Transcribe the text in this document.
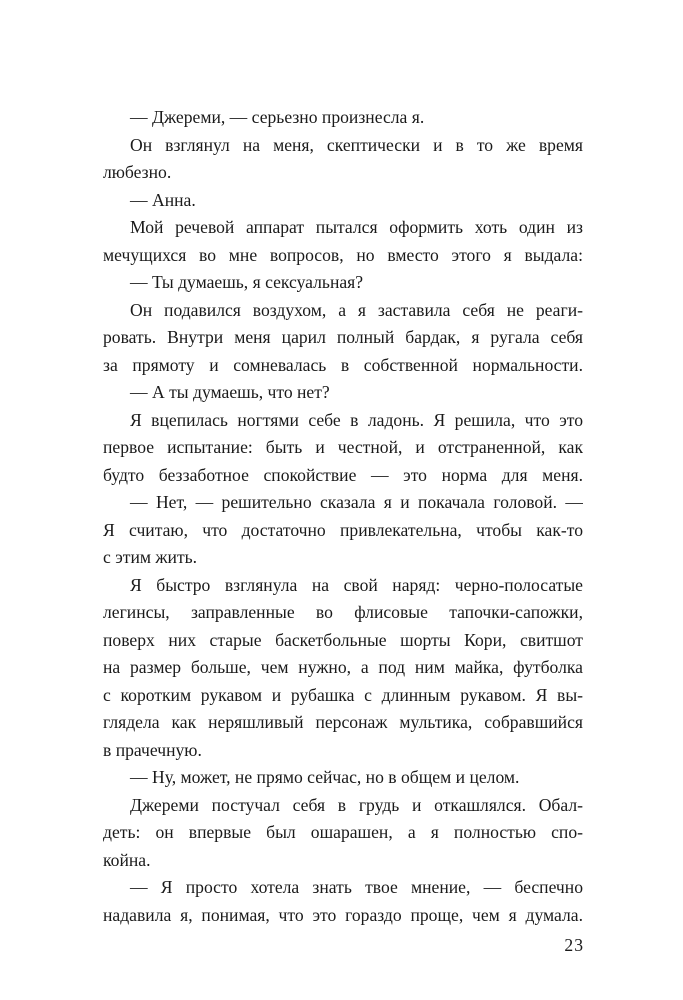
— Джереми, — серьезно произнесла я.
Он взглянул на меня, скептически и в то же время
любезно.
— Анна.
Мой речевой аппарат пытался оформить хоть один из
мечущихся во мне вопросов, но вместо этого я выдала:
— Ты думаешь, я сексуальная?
Он подавился воздухом, а я заставила себя не реаги-
ровать. Внутри меня царил полный бардак, я ругала себя
за прямоту и сомневалась в собственной нормальности.
— А ты думаешь, что нет?
Я вцепилась ногтями себе в ладонь. Я решила, что это
первое испытание: быть и честной, и отстраненной, как
будто беззаботное спокойствие — это норма для меня.
— Нет, — решительно сказала я и покачала головой. —
Я считаю, что достаточно привлекательна, чтобы как-то
с этим жить.
Я быстро взглянула на свой наряд: черно-полосатые
легинсы, заправленные во флисовые тапочки-сапожки,
поверх них старые баскетбольные шорты Кори, свитшот
на размер больше, чем нужно, а под ним майка, футболка
с коротким рукавом и рубашка с длинным рукавом. Я вы-
глядела как неряшливый персонаж мультика, собравшийся
в прачечную.
— Ну, может, не прямо сейчас, но в общем и целом.
Джереми постучал себя в грудь и откашлялся. Обал-
деть: он впервые был ошарашен, а я полностью спо-
койна.
— Я просто хотела знать твое мнение, — беспечно
надавила я, понимая, что это гораздо проще, чем я думала.
23
